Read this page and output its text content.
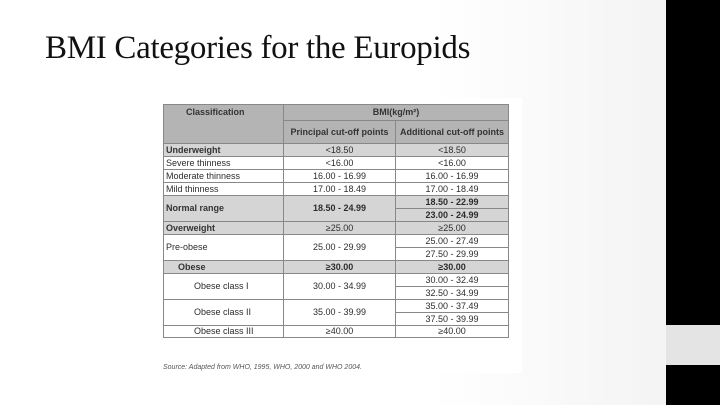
BMI Categories for the Europids
Classification	BMI(kg/m²)	
	Principal cut-off points	Additional cut-off points
Underweight	<18.50	<18.50
Severe thinness	<16.00	<16.00
Moderate thinness	16.00 - 16.99	16.00 - 16.99
Mild thinness	17.00 - 18.49	17.00 - 18.49
Normal range	18.50 - 24.99	18.50 - 22.99
		23.00 - 24.99
Overweight	≥25.00	≥25.00
Pre-obese	25.00 - 29.99	25.00 - 27.49
		27.50 - 29.99
Obese	≥30.00	≥30.00
Obese class I	30.00 - 34.99	30.00 - 32.49
		32.50 - 34.99
Obese class II	35.00 - 39.99	35.00 - 37.49
		37.50 - 39.99
Obese class III	≥40.00	≥40.00
Source: Adapted from WHO, 1995, WHO, 2000 and WHO 2004.
